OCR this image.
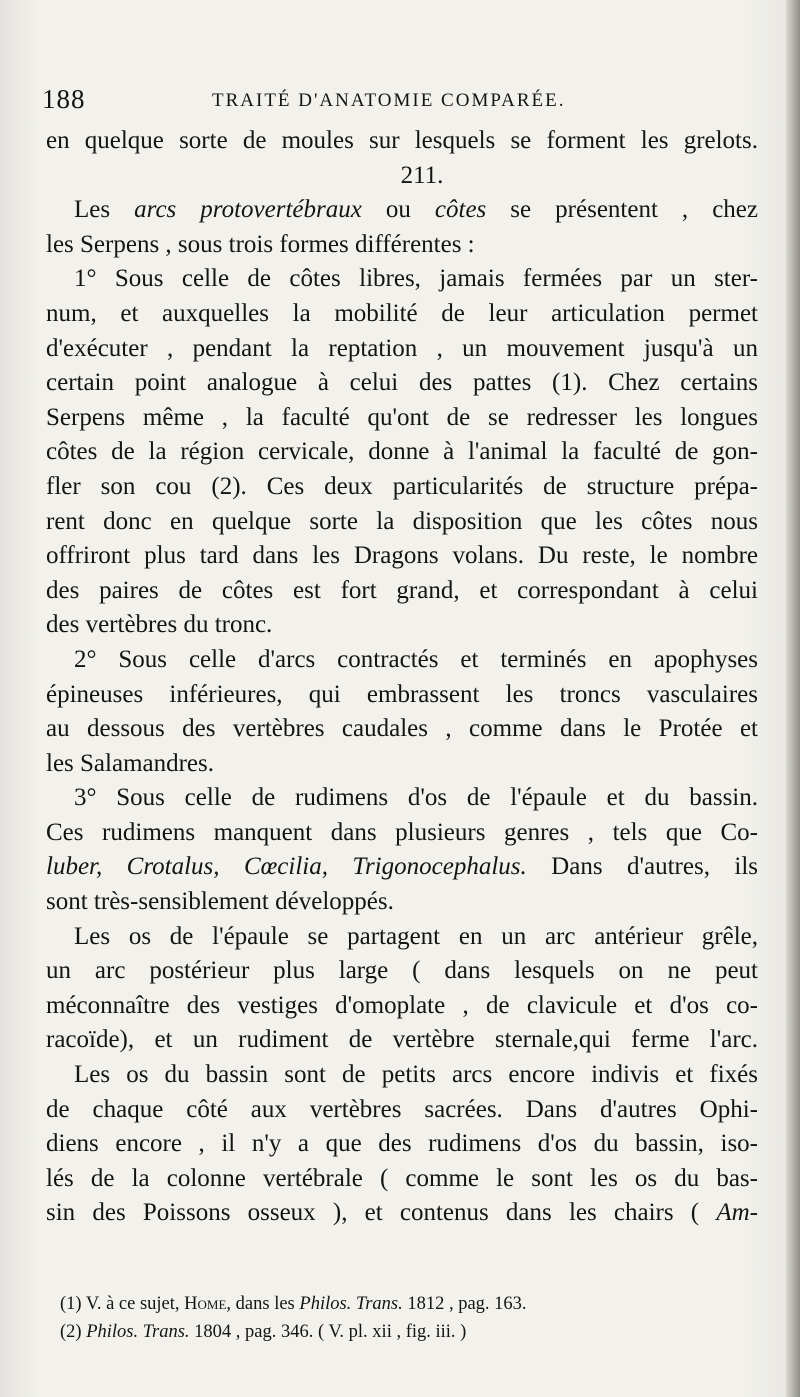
188	TRAITÉ D'ANATOMIE COMPARÉE.
en quelque sorte de moules sur lesquels se forment les grelots.
211.
Les arcs protovertébraux ou côtes se présentent , chez
les Serpens , sous trois formes différentes :
1° Sous celle de côtes libres, jamais fermées par un ster-
num, et auxquelles la mobilité de leur articulation permet
d'exécuter , pendant la reptation , un mouvement jusqu'à un
certain point analogue à celui des pattes (1). Chez certains
Serpens même , la faculté qu'ont de se redresser les longues
côtes de la région cervicale, donne à l'animal la faculté de gon-
fler son cou (2). Ces deux particularités de structure prépa-
rent donc en quelque sorte la disposition que les côtes nous
offriront plus tard dans les Dragons volans. Du reste, le nombre
des paires de côtes est fort grand, et correspondant à celui
des vertèbres du tronc.
2° Sous celle d'arcs contractés et terminés en apophyses
épineuses inférieures, qui embrassent les troncs vasculaires
au dessous des vertèbres caudales , comme dans le Protée et
les Salamandres.
3° Sous celle de rudimens d'os de l'épaule et du bassin.
Ces rudimens manquent dans plusieurs genres , tels que Co-
luber, Crotalus, Cœcilia, Trigonocephalus. Dans d'autres, ils
sont très-sensiblement développés.
Les os de l'épaule se partagent en un arc antérieur grêle,
un arc postérieur plus large ( dans lesquels on ne peut
méconnaître des vestiges d'omoplate , de clavicule et d'os co-
racoïde), et un rudiment de vertèbre sternale,qui ferme l'arc.
Les os du bassin sont de petits arcs encore indivis et fixés
de chaque côté aux vertèbres sacrées. Dans d'autres Ophi-
diens encore , il n'y a que des rudimens d'os du bassin, iso-
lés de la colonne vertébrale ( comme le sont les os du bas-
sin des Poissons osseux ), et contenus dans les chairs ( Am-
(1) V. à ce sujet, Home, dans les Philos. Trans. 1812 , pag. 163.
(2) Philos. Trans. 1804 , pag. 346. ( V. pl. xii , fig. iii. )
